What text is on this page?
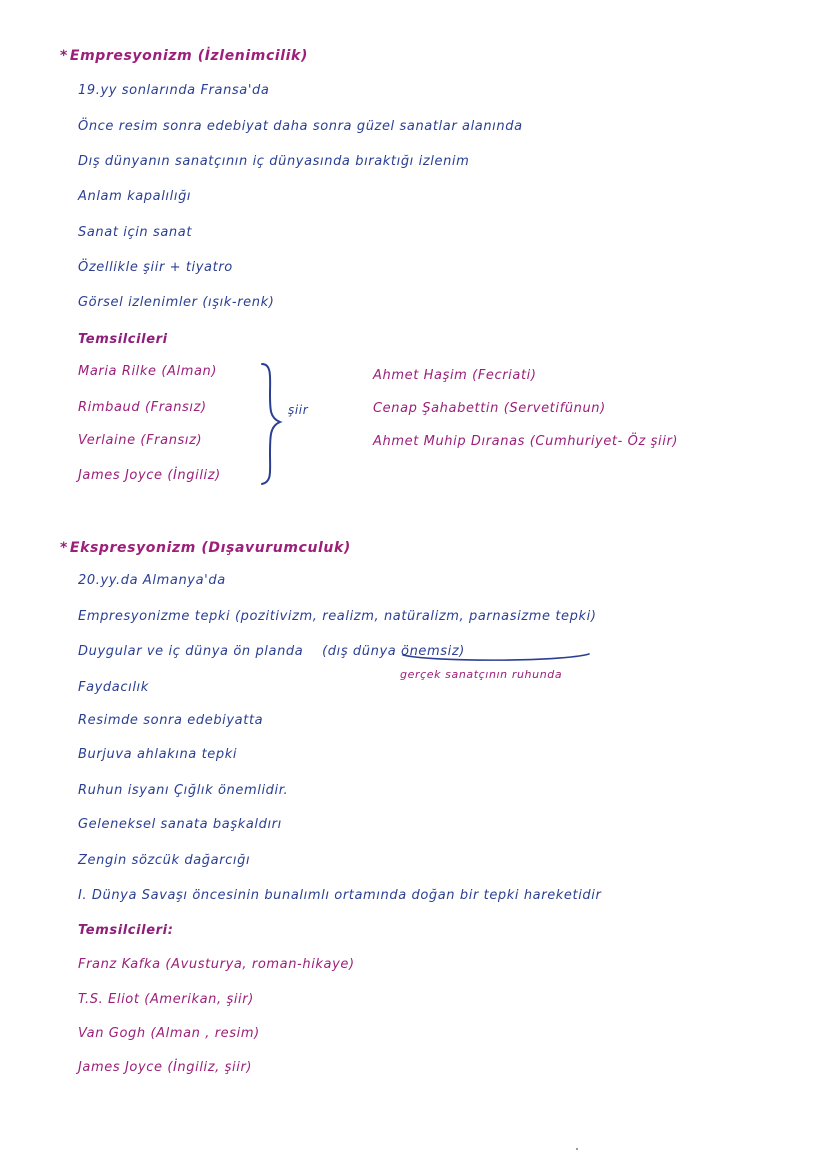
* Empresyonizm (İzlenimcilik)
19.yy sonlarında Fransa'da
Önce resim sonra edebiyat daha sonra güzel sanatlar alanında
Dış dünyanın sanatçının iç dünyasında bıraktığı izlenim
Anlam kapalılığı
Sanat için sanat
Özellikle şiir + tiyatro
Görsel izlenimler (ışık-renk)
Temsilcileri
Maria Rilke (Alman)
Rimbaud (Fransız)
Verlaine (Fransız)
James Joyce (İngiliz)
şiir
Ahmet Haşim (Fecriati)
Cenap Şahabettin (Servetifünun)
Ahmet Muhip Dıranas (Cumhuriyet- Öz şiir)
* Ekspresyonizm (Dışavurumculuk)
20.yy.da Almanya'da
Empresyonizme tepki (pozitivizm, realizm, natüralizm, parnasizme tepki)
Duygular ve iç dünya ön planda (dış dünya önemsiz)
gerçek sanatçının ruhunda
Faydacılık
Resimde sonra edebiyatta
Burjuva ahlakına tepki
Ruhun isyanı Çığlık önemlidir.
Geleneksel sanata başkaldırı
Zengin sözcük dağarcığı
I. Dünya Savaşı öncesinin bunalımlı ortamında doğan bir tepki hareketidir
Temsilcileri:
Franz Kafka (Avusturya, roman-hikaye)
T.S. Eliot (Amerikan, şiir)
Van Gogh (Alman , resim)
James Joyce (İngiliz, şiir)
